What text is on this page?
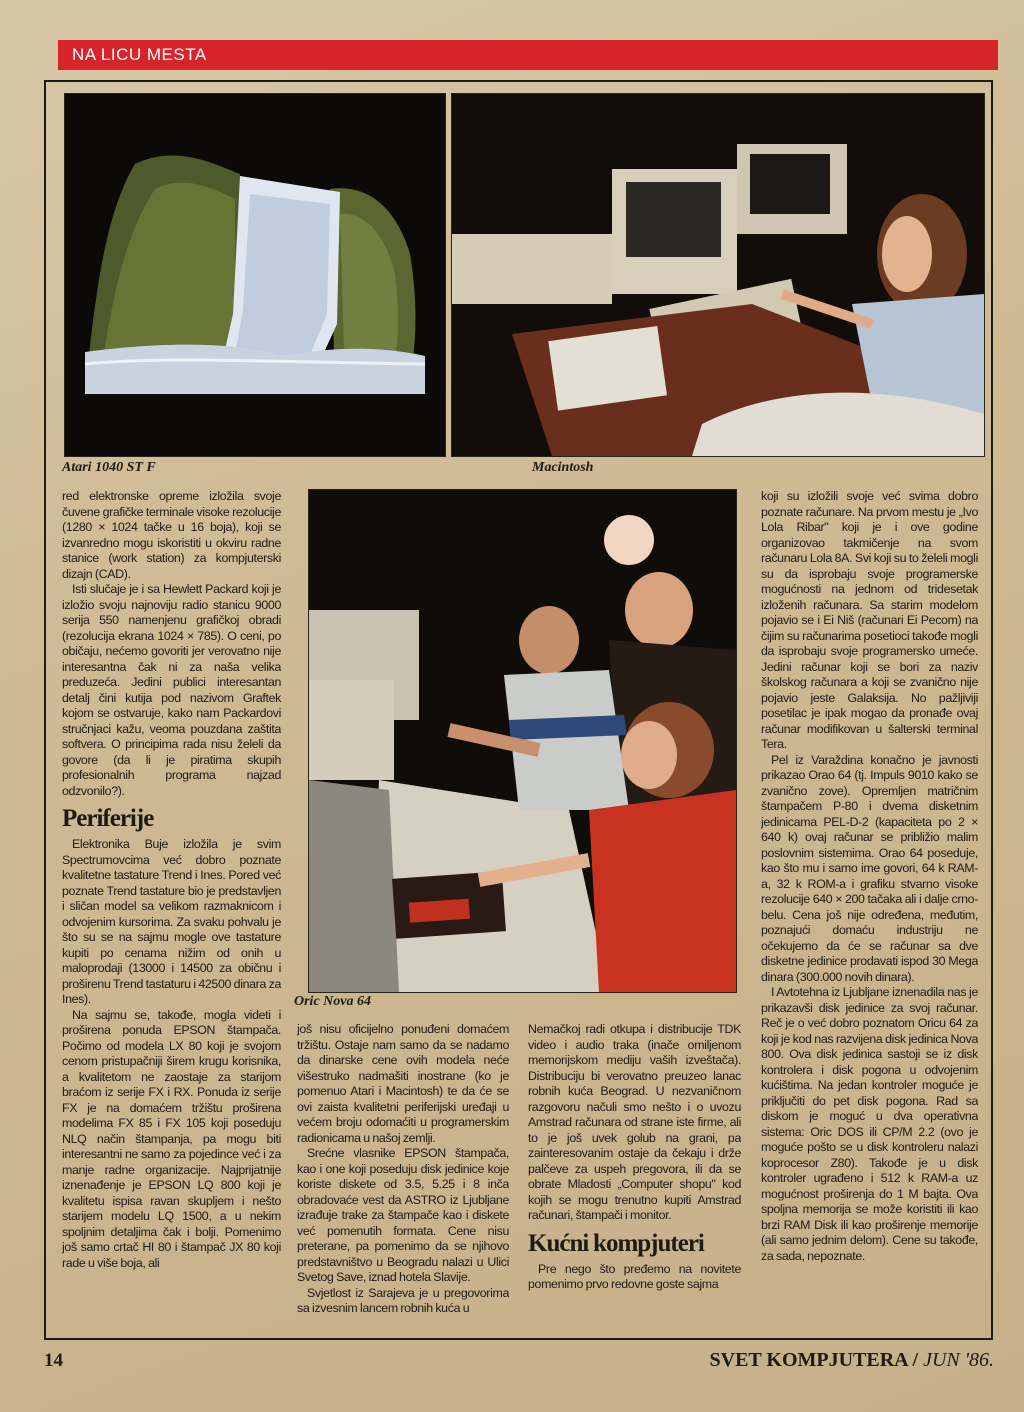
NA LICU MESTA
Atari 1040 ST F	Macintosh
Oric Nova 64

red elektronske opreme izložila svoje čuvene grafičke terminale visoke rezolucije (1280 × 1024 tačke u 16 boja), koji se izvanredno mogu iskoristiti u okviru radne stanice (work station) za kompjuterski dizajn (CAD).

Isti slučaje je i sa Hewlett Packard koji je izložio svoju najnoviju radio stanicu 9000 serija 550 namenjenu grafičkoj obradi (rezolucija ekrana 1024 × 785). O ceni, po običaju, nećemo govoriti jer verovatno nije interesantna čak ni za naša velika preduzeća. Jedini publici interesantan detalj čini kutija pod nazivom Graftek kojom se ostvaruje, kako nam Packardovi stručnjaci kažu, veoma pouzdana zaštita softvera. O principima rada nisu želeli da govore (da li je piratima skupih profesionalnih programa najzad odzvonilo?).

Periferije

Elektronika Buje izložila je svim Spectrumovcima već dobro poznate kvalitetne tastature Trend i Ines. Pored već poznate Trend tastature bio je predstavljen i sličan model sa velikom razmaknicom i odvojenim kursorima. Za svaku pohvalu je što su se na sajmu mogle ove tastature kupiti po cenama nižim od onih u maloprodaji (13000 i 14500 za običnu i proširenu Trend tastaturu i 42500 dinara za Ines).

Na sajmu se, takođe, mogla videti i proširena ponuda EPSON štampača. Počimo od modela LX 80 koji je svojom cenom pristupačniji širem krugu korisnika, a kvalitetom ne zaostaje za starijom braćom iz serije FX i RX. Ponuda iz serije FX je na domaćem tržištu proširena modelima FX 85 i FX 105 koji poseduju NLQ način štampanja, pa mogu biti interesantni ne samo za pojedince već i za manje radne organizacije. Najprijatnije iznenađenje je EPSON LQ 800 koji je kvalitetu ispisa ravan skupljem i nešto starijem modelu LQ 1500, a u nekim spoljnim detaljima čak i bolji. Pomenimo još samo crtač HI 80 i štampač JX 80 koji rade u više boja, ali

još nisu oficijelno ponuđeni domaćem tržištu. Ostaje nam samo da se nadamo da dinarske cene ovih modela neće višestruko nadmašiti inostrane (ko je pomenuo Atari i Macintosh) te da će se ovi zaista kvalitetni periferijski uređaji u većem broju odomaćiti u programerskim radionicama u našoj zemlji.

Srećne vlasnike EPSON štampača, kao i one koji poseduju disk jedinice koje koriste diskete od 3.5, 5.25 i 8 inča obradovaće vest da ASTRO iz Ljubljane izrađuje trake za štampače kao i diskete već pomenutih formata. Cene nisu preterane, pa pomenimo da se njihovo predstavništvo u Beogradu nalazi u Ulici Svetog Save, iznad hotela Slavije.

Svjetlost iz Sarajeva je u pregovorima sa izvesnim lancem robnih kuća u

Nemačkoj radi otkupa i distribucije TDK video i audio traka (inače omiljenom memorijskom mediju vaših izveštača). Distribuciju bi verovatno preuzeo lanac robnih kuća Beograd. U nezvaničnom razgovoru načuli smo nešto i o uvozu Amstrad računara od strane iste firme, ali to je još uvek golub na grani, pa zainteresovanim ostaje da čekaju i drže palčeve za uspeh pregovora, ili da se obrate Mladosti „Computer shopu" kod kojih se mogu trenutno kupiti Amstrad računari, štampači i monitor.

Kućni kompjuteri

Pre nego što pređemo na novitete pomenimo prvo redovne goste sajma

koji su izložili svoje već svima dobro poznate računare. Na prvom mestu je „Ivo Lola Ribar" koji je i ove godine organizovao takmičenje na svom računaru Lola 8A. Svi koji su to želeli mogli su da isprobaju svoje programerske mogućnosti na jednom od tridesetak izloženih računara. Sa starim modelom pojavio se i Ei Niš (računari Ei Pecom) na čijim su računarima posetioci takođe mogli da isprobaju svoje programersko umeće. Jedini računar koji se bori za naziv školskog računara a koji se zvanično nije pojavio jeste Galaksija. No pažljiviji posetilac je ipak mogao da pronađe ovaj računar modifikovan u šalterski terminal Tera.

Pel iz Varaždina konačno je javnosti prikazao Orao 64 (tj. Impuls 9010 kako se zvanično zove). Opremljen matričnim štampačem P-80 i dvema disketnim jedinicama PEL-D-2 (kapaciteta po 2 × 640 k) ovaj računar se približio malim poslovnim sistemima. Orao 64 poseduje, kao što mu i samo ime govori, 64 k RAM-a, 32 k ROM-a i grafiku stvarno visoke rezolucije 640 × 200 tačaka ali i dalje crno-belu. Cena još nije određena, međutim, poznajući domaću industriju ne očekujemo da će se računar sa dve disketne jedinice prodavati ispod 30 Mega dinara (300.000 novih dinara).

I Avtotehna iz Ljubljane iznenadila nas je prikazavši disk jedinice za svoj računar. Reč je o već dobro poznatom Oricu 64 za koji je kod nas razvijena disk jedinica Nova 800. Ova disk jedinica sastoji se iz disk kontrolera i disk pogona u odvojenim kućištima. Na jedan kontroler moguće je priključiti do pet disk pogona. Rad sa diskom je moguć u dva operativna sistema: Oric DOS ili CP/M 2.2 (ovo je moguće pošto se u disk kontroleru nalazi koprocesor Z80). Takođe je u disk kontroler ugrađeno i 512 k RAM-a uz mogućnost proširenja do 1 M bajta. Ova spoljna memorija se može koristiti ili kao brzi RAM Disk ili kao proširenje memorije (ali samo jednim delom). Cene su takođe, za sada, nepoznate.

14	SVET KOMPJUTERA / JUN '86.
